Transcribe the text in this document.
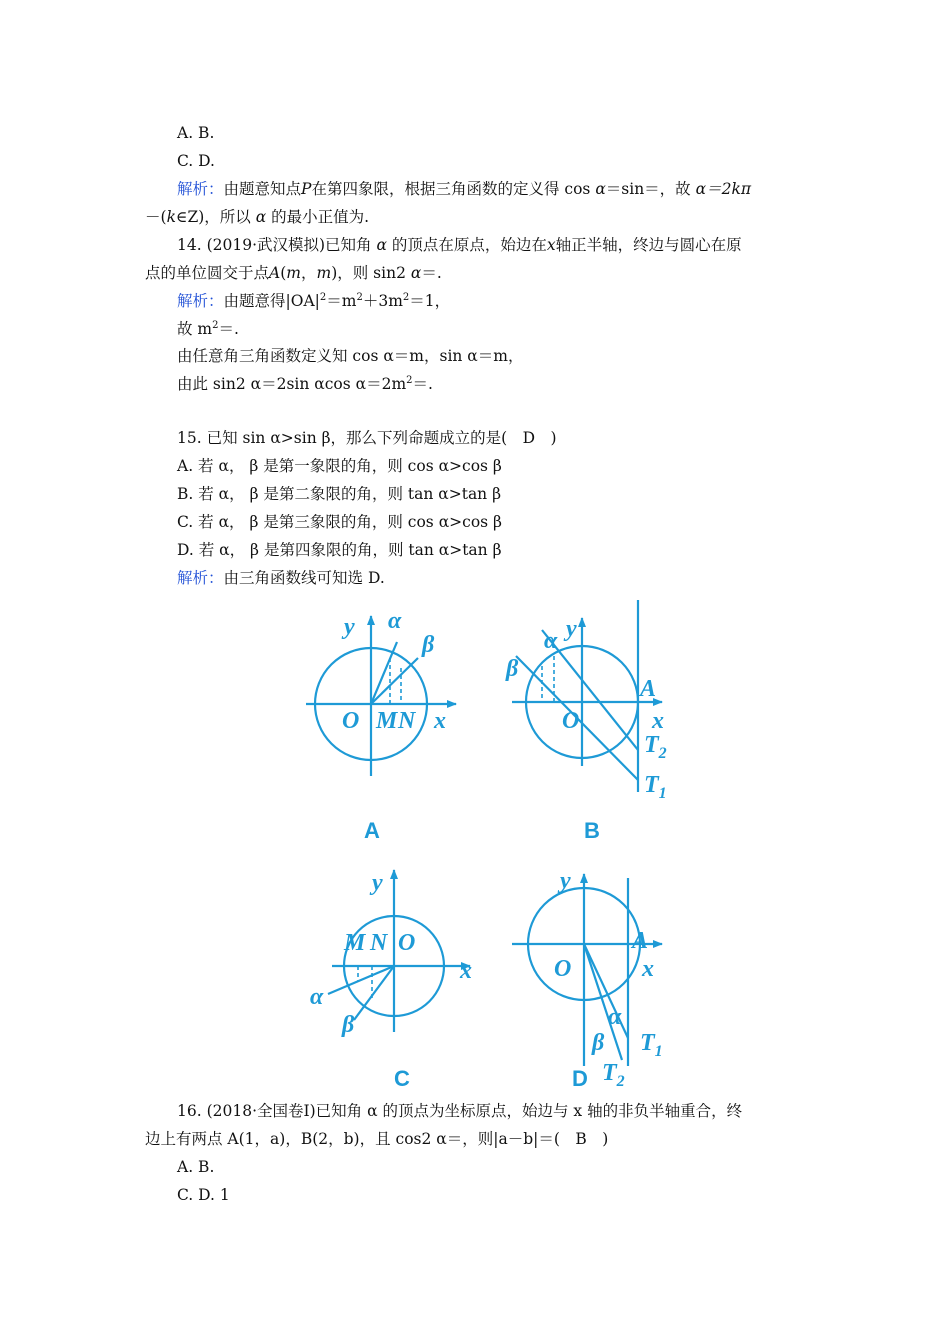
A. B.
C. D.
解析：由题意知点P在第四象限，根据三角函数的定义得 cos α＝sin＝，故 α＝2kπ
－(k∈Z)，所以 α 的最小正值为.
14. (2019·武汉模拟)已知角 α 的顶点在原点，始边在x轴正半轴，终边与圆心在原
点的单位圆交于点A(m，m)，则 sin2 α＝.
解析：由题意得$|OA|^2=m^2+3m^2=1$，
故 $m^2=$.
由任意角三角函数定义知 cos α＝m，sin α＝m，
由此 sin2 α＝2sin αcos $\alpha=2m^2=$.
15. 已知 sin α>sin β，那么下列命题成立的是(　D　)
A. 若 α， β 是第一象限的角，则 cos α>cos β
B. 若 α， β 是第二象限的角，则 tan α>tan β
C. 若 α， β 是第三象限的角，则 cos α>cos β
D. 若 α， β 是第四象限的角，则 tan α>tan β
解析：由三角函数线可知选 D.
y α
β
O M N x
y
α
β
A
O	x
$T_2$
$T_1$
y
M N O
x
α
β
y
A
O	x
α
β $T_1$
$T_2$
A	B
C	D
16. (2018·全国卷Ⅰ)已知角 α 的顶点为坐标原点，始边与 x 轴的非负半轴重合，终
边上有两点 A(1，a)，B(2，b)，且 cos2 α＝，则|a－b|＝(　B　)
A. B.
C. D. 1
